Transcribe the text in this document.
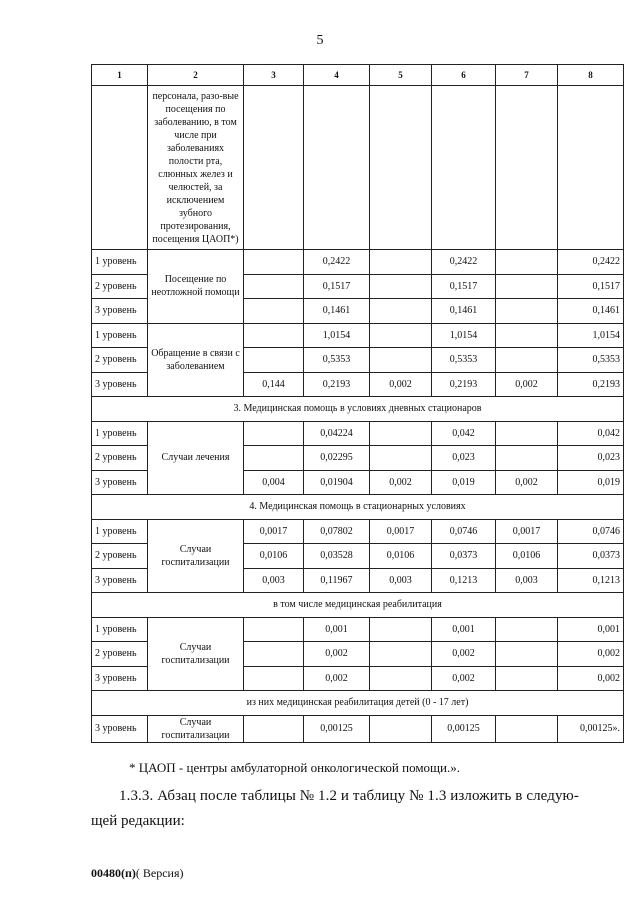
5
1	2	3	4	5	6	7	8
	персонала, разо-вые посещения по заболеванию, в том числе при заболеваниях полости рта, слюнных желез и челюстей, за исключением зубного протезирования, посещения ЦАОП*)						
1 уровень	Посещение по неотложной помощи		0,2422		0,2422		0,2422
2 уровень			0,1517		0,1517		0,1517
3 уровень			0,1461		0,1461		0,1461
1 уровень	Обращение в связи с заболеванием		1,0154		1,0154		1,0154
2 уровень			0,5353		0,5353		0,5353
3 уровень		0,144	0,2193	0,002	0,2193	0,002	0,2193
3. Медицинская помощь в условиях дневных стационаров							
1 уровень	Случаи лечения		0,04224		0,042		0,042
2 уровень			0,02295		0,023		0,023
3 уровень		0,004	0,01904	0,002	0,019	0,002	0,019
4. Медицинская помощь в стационарных условиях							
1 уровень	Случаи госпитализации	0,0017	0,07802	0,0017	0,0746	0,0017	0,0746
2 уровень		0,0106	0,03528	0,0106	0,0373	0,0106	0,0373
3 уровень		0,003	0,11967	0,003	0,1213	0,003	0,1213
в том числе медицинская реабилитация							
1 уровень	Случаи госпитализации		0,001		0,001		0,001
2 уровень			0,002		0,002		0,002
3 уровень			0,002		0,002		0,002
из них медицинская реабилитация детей (0 - 17 лет)							
3 уровень	Случаи госпитализации		0,00125		0,00125		0,00125».
* ЦАОП - центры амбулаторной онкологической помощи.».
1.3.3. Абзац после таблицы № 1.2 и таблицу № 1.3 изложить в следую-
щей редакции:
00480(п)( Версия)
